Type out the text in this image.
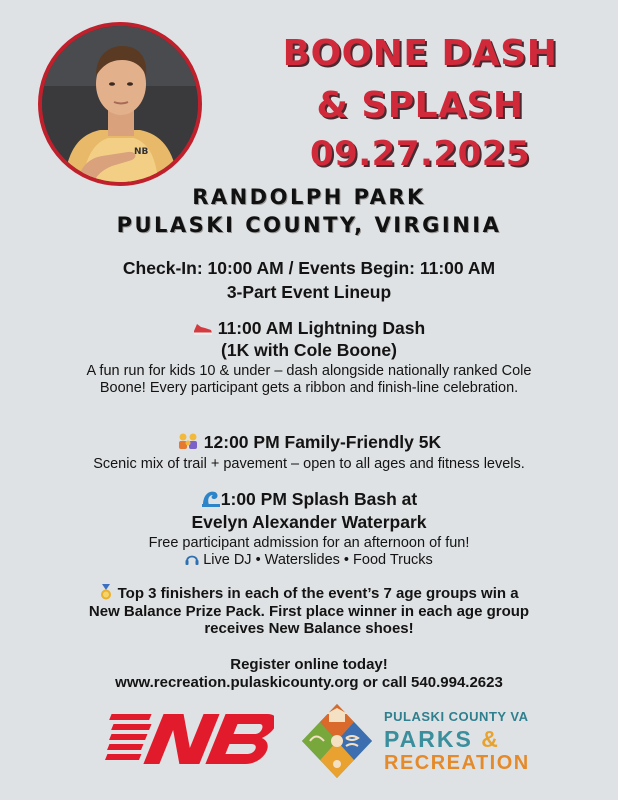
NB
BOONE DASH
& SPLASH
09.27.2025
RANDOLPH PARK
PULASKI COUNTY, VIRGINIA
Check-In: 10:00 AM / Events Begin: 11:00 AM
3-Part Event Lineup
11:00 AM Lightning Dash
(1K with Cole Boone)
A fun run for kids 10 & under – dash alongside nationally ranked Cole Boone! Every participant gets a ribbon and finish-line celebration.
12:00 PM Family-Friendly 5K
Scenic mix of trail + pavement – open to all ages and fitness levels.
1:00 PM Splash Bash at
Evelyn Alexander Waterpark
Free participant admission for an afternoon of fun!
Live DJ • Waterslides • Food Trucks
Top 3 finishers in each of the event’s 7 age groups win a New Balance Prize Pack. First place winner in each age group receives New Balance shoes!
Register online today!
www.recreation.pulaskicounty.org or call 540.994.2623
PULASKI COUNTY VA
PARKS &
RECREATION
